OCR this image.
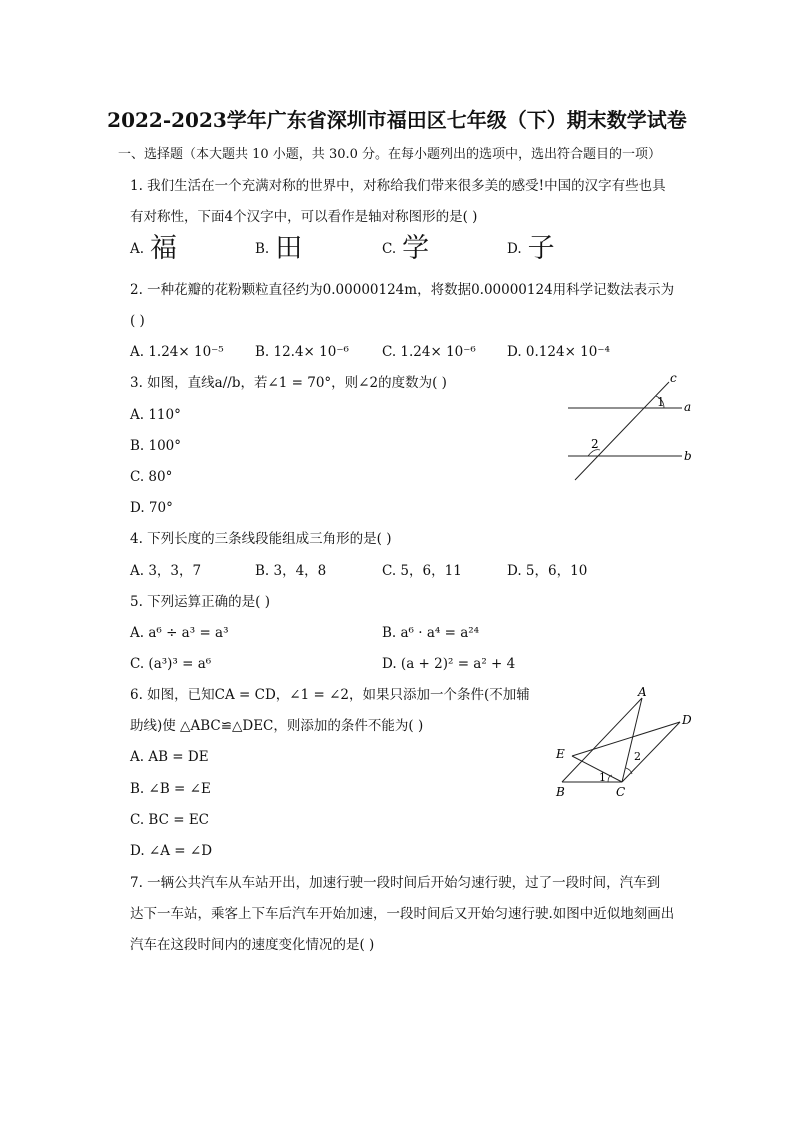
2022-2023学年广东省深圳市福田区七年级（下）期末数学试卷
一、选择题（本大题共 10 小题，共 30.0 分。在每小题列出的选项中，选出符合题目的一项）
1. 我们生活在一个充满对称的世界中，对称给我们带来很多美的感受!中国的汉字有些也具
有对称性，下面4个汉字中，可以看作是轴对称图形的是( )
A. 福	B. 田	C. 学	D. 子
2. 一种花瓣的花粉颗粒直径约为0.00000124m，将数据0.00000124用科学记数法表示为
( )
A. 1.24× 10⁻⁵ B. 12.4× 10⁻⁶ C. 1.24× 10⁻⁶ D. 0.124× 10⁻⁴
3. 如图，直线a//b，若∠1 = 70°，则∠2的度数为( )
A. 110°
B. 100°
C. 80°
D. 70°
c
a
b
1
2
4. 下列长度的三条线段能组成三角形的是( )
A. 3，3，7	B. 3，4，8	C. 5，6，11	D. 5，6，10
5. 下列运算正确的是( )
A. a⁶ ÷ a³ = a³	B. a⁶ · a⁴ = a²⁴
C. (a³)³ = a⁶	D. (a + 2)² = a² + 4
6. 如图，已知CA = CD，∠1 = ∠2，如果只添加一个条件(不加辅
助线)使 △ABC≌△DEC，则添加的条件不能为( )
A. AB = DE
B. ∠B = ∠E
C. BC = EC
D. ∠A = ∠D
A
B	C
D
E
1
2
7. 一辆公共汽车从车站开出，加速行驶一段时间后开始匀速行驶，过了一段时间，汽车到
达下一车站，乘客上下车后汽车开始加速，一段时间后又开始匀速行驶.如图中近似地刻画出
汽车在这段时间内的速度变化情况的是( )
